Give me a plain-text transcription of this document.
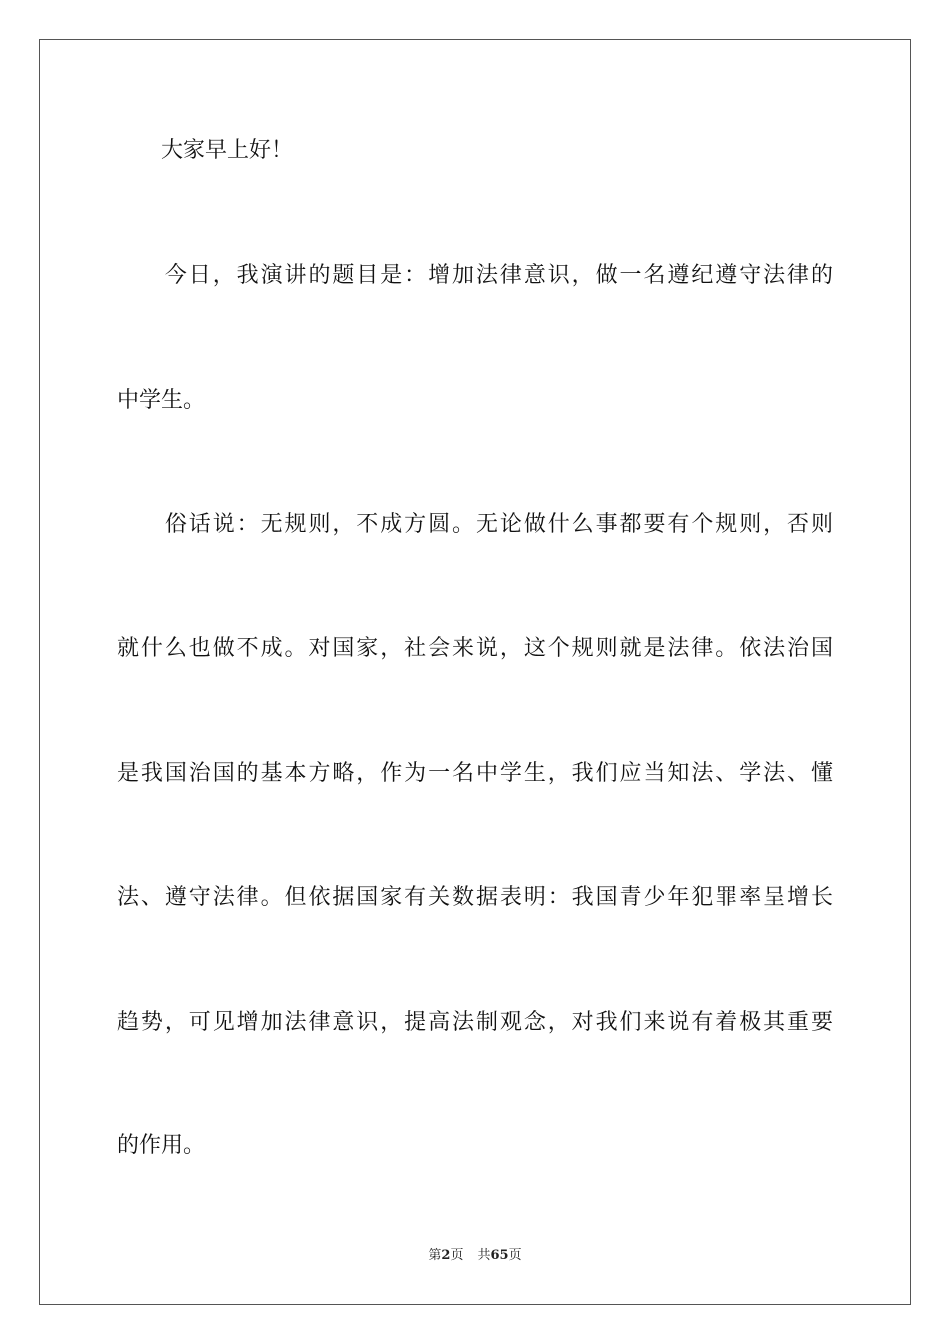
　　大家早上好！
　　今日，我演讲的题目是：增加法律意识，做一名遵纪遵守法律的
中学生。
　　俗话说：无规则，不成方圆。无论做什么事都要有个规则，否则
就什么也做不成。对国家，社会来说，这个规则就是法律。依法治国
是我国治国的基本方略，作为一名中学生，我们应当知法、学法、懂
法、遵守法律。但依据国家有关数据表明：我国青少年犯罪率呈增长
趋势，可见增加法律意识，提高法制观念，对我们来说有着极其重要
的作用。
第2页 共65页
